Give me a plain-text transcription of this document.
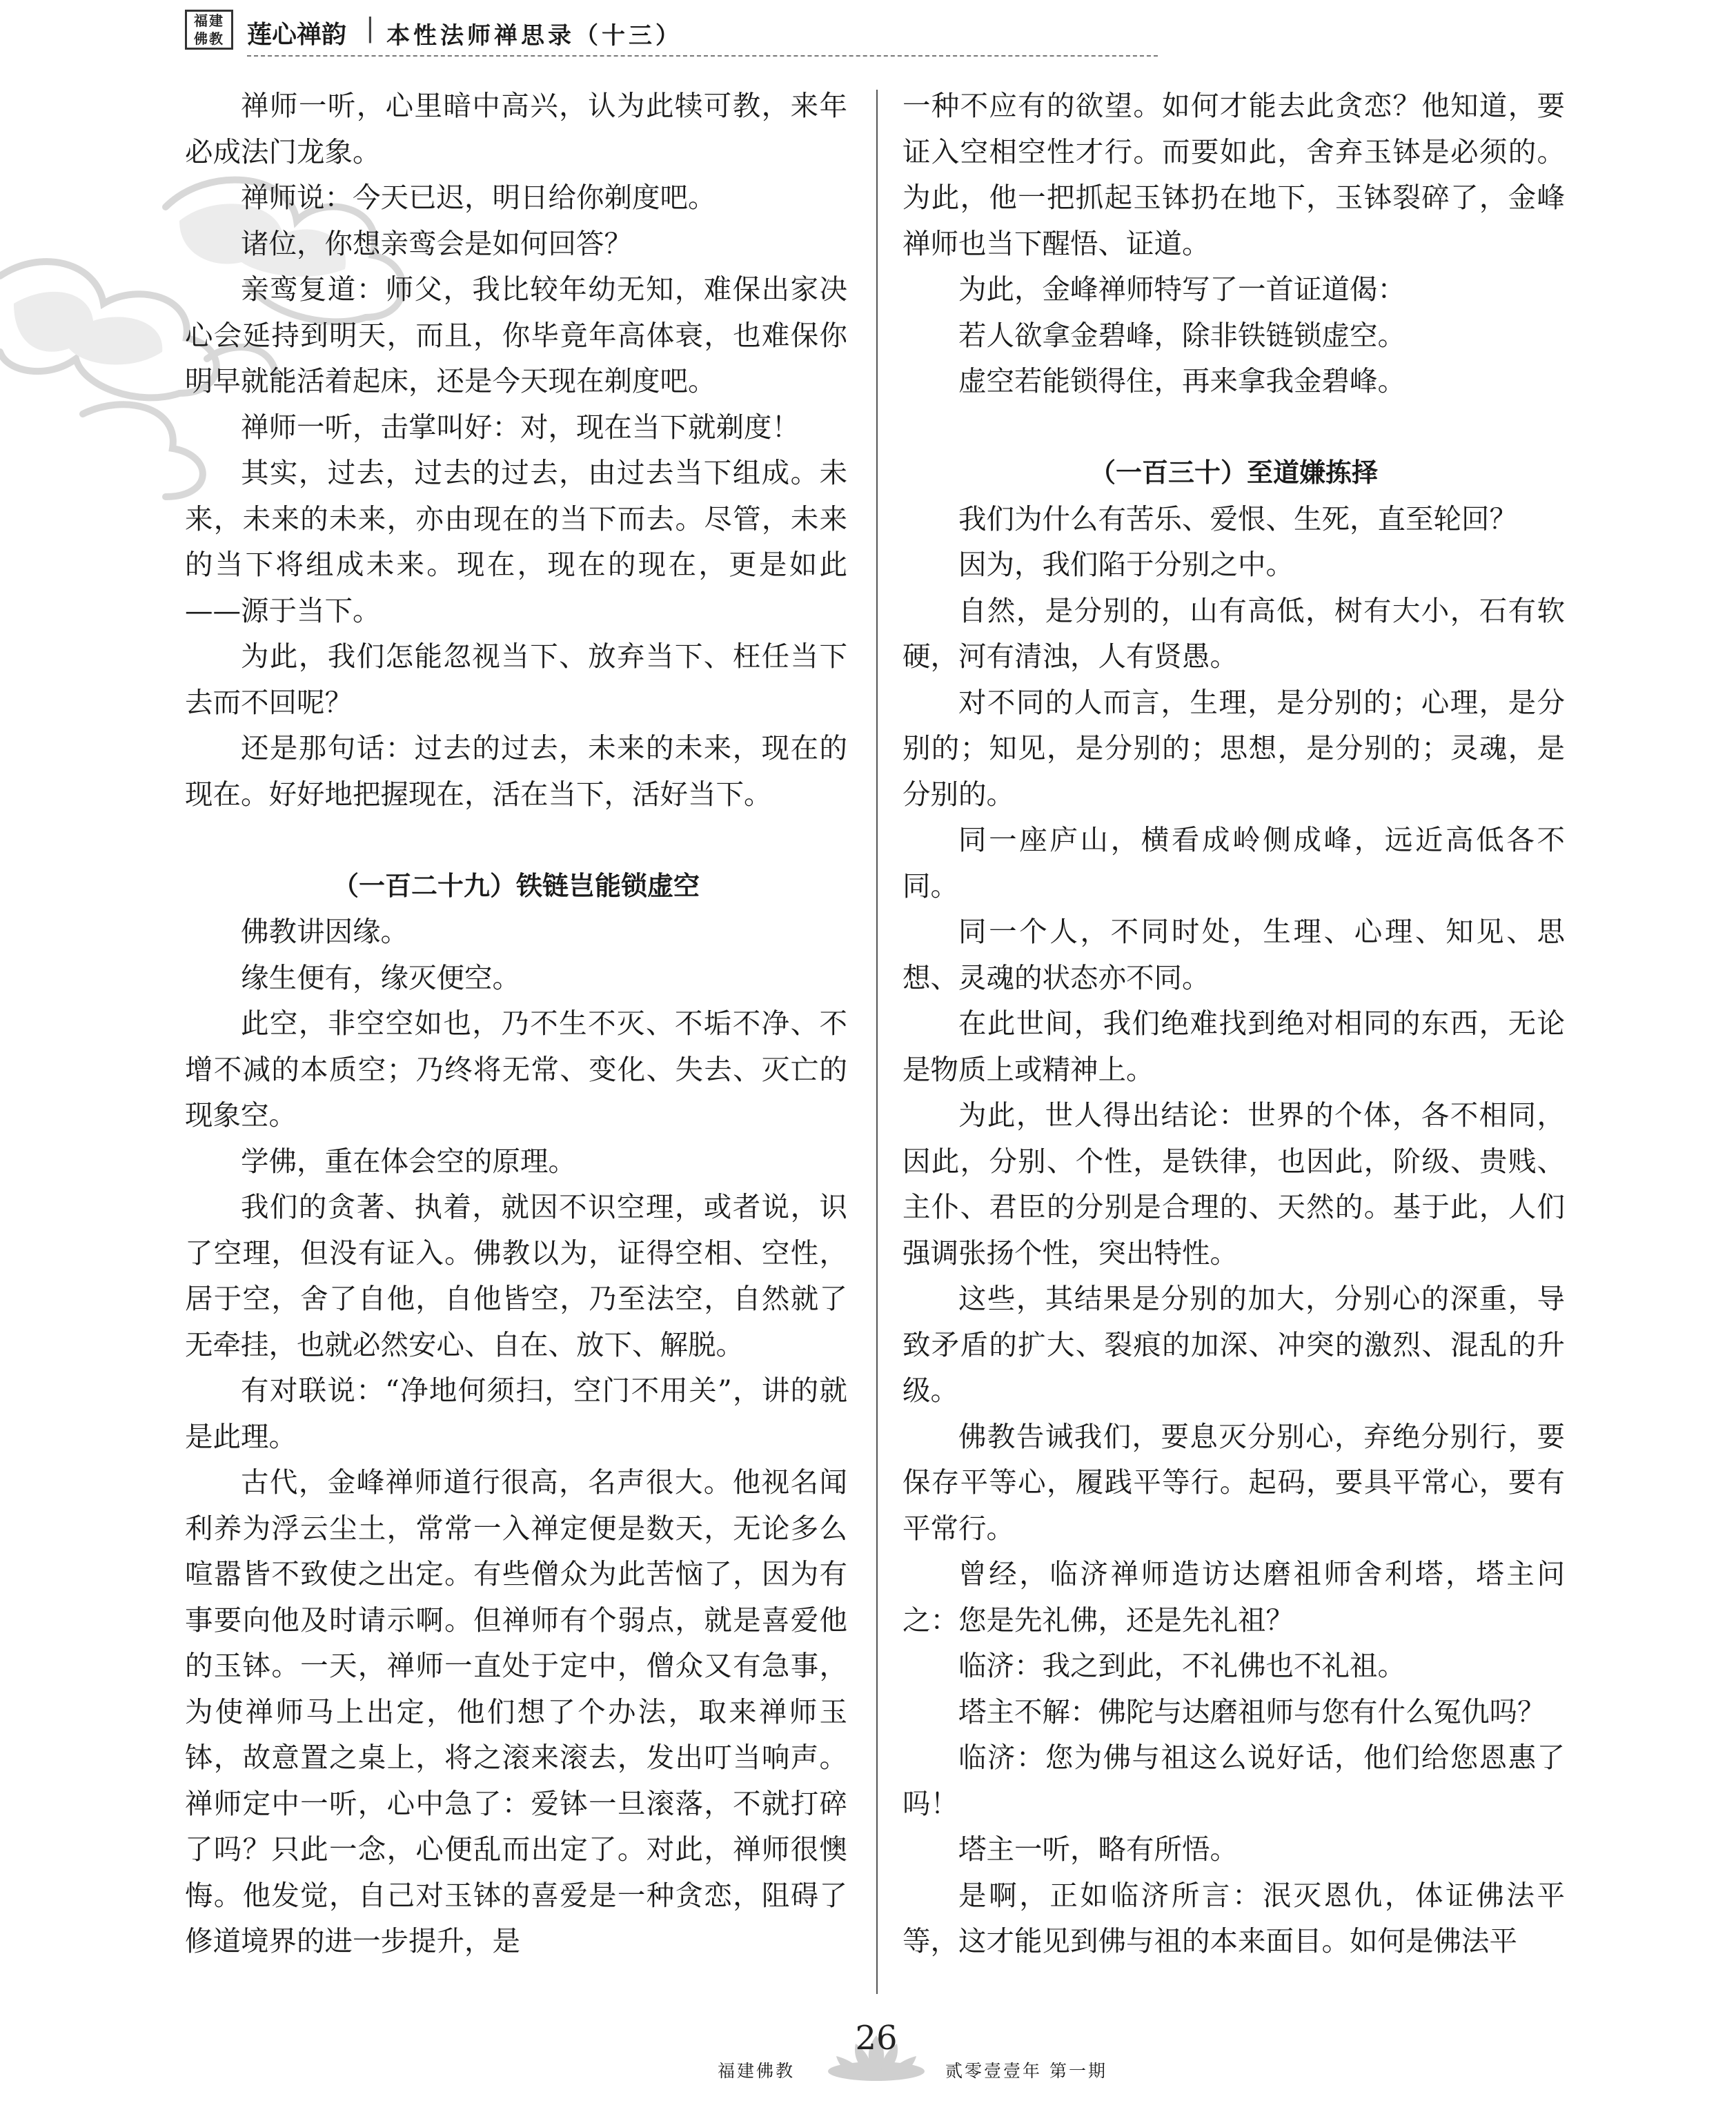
福建佛教 莲心禅韵 | 本性法师禅思录（十三）

禅师一听，心里暗中高兴，认为此犊可教，来年必成法门龙象。

禅师说：今天已迟，明日给你剃度吧。

诸位，你想亲鸾会是如何回答？

亲鸾复道：师父，我比较年幼无知，难保出家决心会延持到明天，而且，你毕竟年高体衰，也难保你明早就能活着起床，还是今天现在剃度吧。

禅师一听，击掌叫好：对，现在当下就剃度！

其实，过去，过去的过去，由过去当下组成。未来，未来的未来，亦由现在的当下而去。尽管，未来的当下将组成未来。现在，现在的现在，更是如此——源于当下。

为此，我们怎能忽视当下、放弃当下、枉任当下去而不回呢？

还是那句话：过去的过去，未来的未来，现在的现在。好好地把握现在，活在当下，活好当下。

（一百二十九）铁链岂能锁虚空

佛教讲因缘。

缘生便有，缘灭便空。

此空，非空空如也，乃不生不灭、不垢不净、不增不减的本质空；乃终将无常、变化、失去、灭亡的现象空。

学佛，重在体会空的原理。

我们的贪著、执着，就因不识空理，或者说，识了空理，但没有证入。佛教以为，证得空相、空性，居于空，舍了自他，自他皆空，乃至法空，自然就了无牵挂，也就必然安心、自在、放下、解脱。

有对联说：“净地何须扫，空门不用关”，讲的就是此理。

古代，金峰禅师道行很高，名声很大。他视名闻利养为浮云尘土，常常一入禅定便是数天，无论多么喧嚣皆不致使之出定。有些僧众为此苦恼了，因为有事要向他及时请示啊。但禅师有个弱点，就是喜爱他的玉钵。一天，禅师一直处于定中，僧众又有急事，为使禅师马上出定，他们想了个办法，取来禅师玉钵，故意置之桌上，将之滚来滚去，发出叮当响声。禅师定中一听，心中急了：爱钵一旦滚落，不就打碎了吗？只此一念，心便乱而出定了。对此，禅师很懊悔。他发觉，自己对玉钵的喜爱是一种贪恋，阻碍了修道境界的进一步提升，是

一种不应有的欲望。如何才能去此贪恋？他知道，要证入空相空性才行。而要如此，舍弃玉钵是必须的。为此，他一把抓起玉钵扔在地下，玉钵裂碎了，金峰禅师也当下醒悟、证道。

为此，金峰禅师特写了一首证道偈：

若人欲拿金碧峰，除非铁链锁虚空。

虚空若能锁得住，再来拿我金碧峰。

（一百三十）至道嫌拣择

我们为什么有苦乐、爱恨、生死，直至轮回？

因为，我们陷于分别之中。

自然，是分别的，山有高低，树有大小，石有软硬，河有清浊，人有贤愚。

对不同的人而言，生理，是分别的；心理，是分别的；知见，是分别的；思想，是分别的；灵魂，是分别的。

同一座庐山，横看成岭侧成峰，远近高低各不同。

同一个人，不同时处，生理、心理、知见、思想、灵魂的状态亦不同。

在此世间，我们绝难找到绝对相同的东西，无论是物质上或精神上。

为此，世人得出结论：世界的个体，各不相同，因此，分别、个性，是铁律，也因此，阶级、贵贱、主仆、君臣的分别是合理的、天然的。基于此，人们强调张扬个性，突出特性。

这些，其结果是分别的加大，分别心的深重，导致矛盾的扩大、裂痕的加深、冲突的激烈、混乱的升级。

佛教告诫我们，要息灭分别心，弃绝分别行，要保存平等心，履践平等行。起码，要具平常心，要有平常行。

曾经，临济禅师造访达磨祖师舍利塔，塔主问之：您是先礼佛，还是先礼祖？

临济：我之到此，不礼佛也不礼祖。

塔主不解：佛陀与达磨祖师与您有什么冤仇吗？

临济：您为佛与祖这么说好话，他们给您恩惠了吗！

塔主一听，略有所悟。

是啊，正如临济所言：泯灭恩仇，体证佛法平等，这才能见到佛与祖的本来面目。如何是佛法平

福建佛教
26
贰零壹壹年 第一期
